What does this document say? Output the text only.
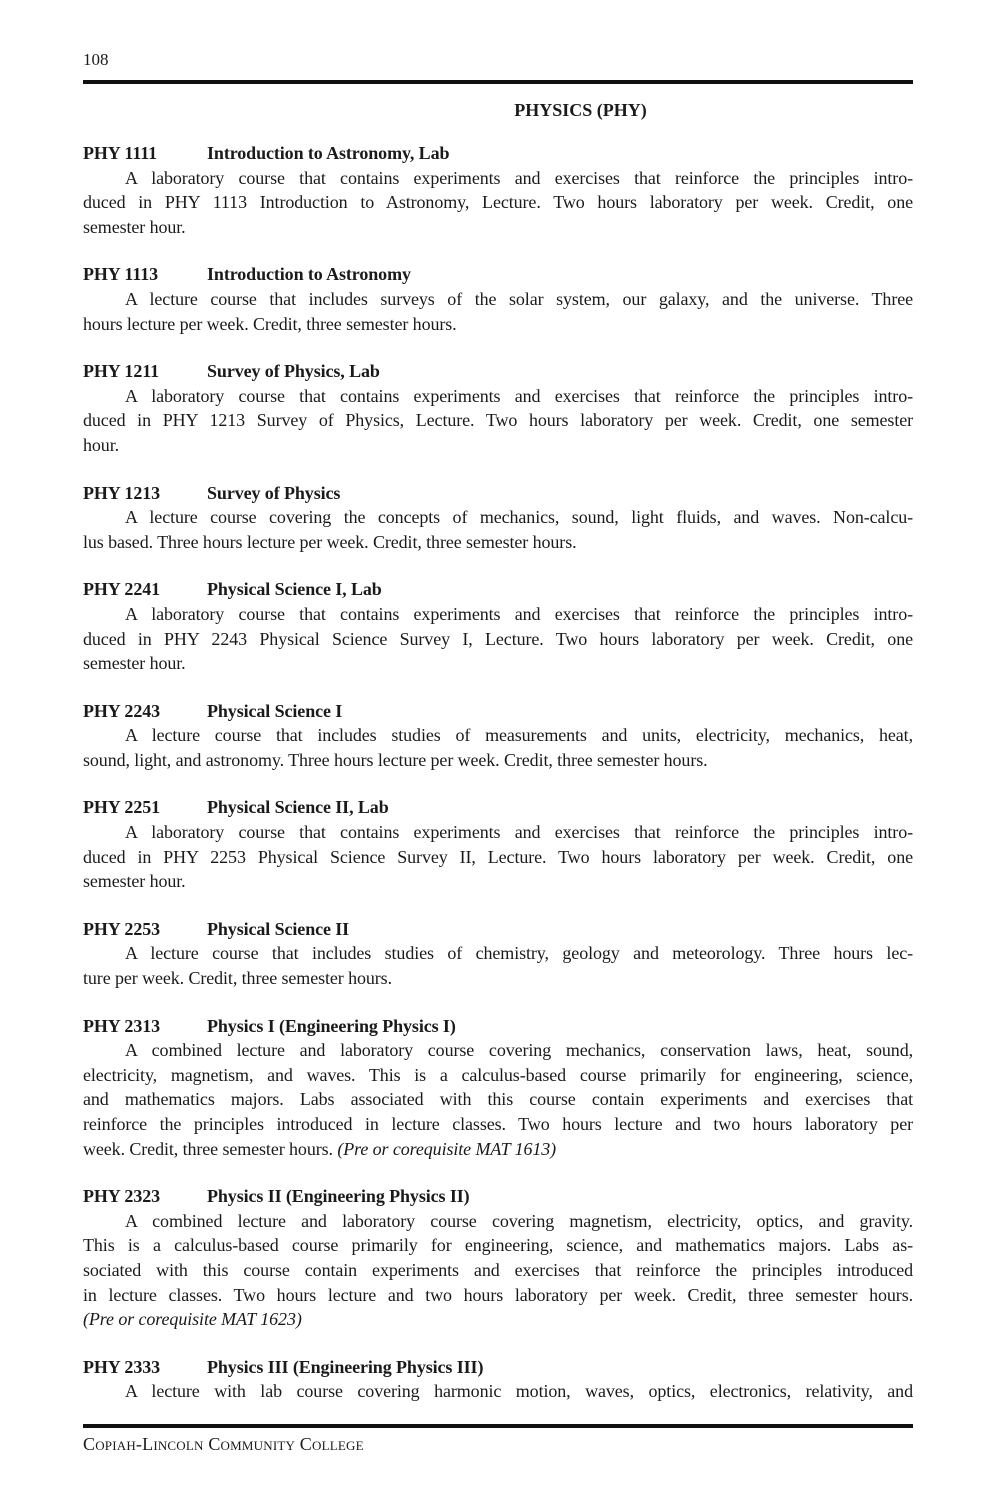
108
PHYSICS (PHY)
PHY 1111	Introduction to Astronomy, Lab
A laboratory course that contains experiments and exercises that reinforce the principles intro-
duced in PHY 1113 Introduction to Astronomy, Lecture. Two hours laboratory per week. Credit, one
semester hour.
PHY 1113	Introduction to Astronomy
A lecture course that includes surveys of the solar system, our galaxy, and the universe. Three
hours lecture per week. Credit, three semester hours.
PHY 1211	Survey of Physics, Lab
A laboratory course that contains experiments and exercises that reinforce the principles intro-
duced in PHY 1213 Survey of Physics, Lecture. Two hours laboratory per week. Credit, one semester
hour.
PHY 1213	Survey of Physics
A lecture course covering the concepts of mechanics, sound, light fluids, and waves. Non-calcu-
lus based. Three hours lecture per week. Credit, three semester hours.
PHY 2241	Physical Science I, Lab
A laboratory course that contains experiments and exercises that reinforce the principles intro-
duced in PHY 2243 Physical Science Survey I, Lecture. Two hours laboratory per week. Credit, one
semester hour.
PHY 2243	Physical Science I
A lecture course that includes studies of measurements and units, electricity, mechanics, heat,
sound, light, and astronomy. Three hours lecture per week. Credit, three semester hours.
PHY 2251	Physical Science II, Lab
A laboratory course that contains experiments and exercises that reinforce the principles intro-
duced in PHY 2253 Physical Science Survey II, Lecture. Two hours laboratory per week. Credit, one
semester hour.
PHY 2253	Physical Science II
A lecture course that includes studies of chemistry, geology and meteorology. Three hours lec-
ture per week. Credit, three semester hours.
PHY 2313	Physics I (Engineering Physics I)
A combined lecture and laboratory course covering mechanics, conservation laws, heat, sound,
electricity, magnetism, and waves. This is a calculus-based course primarily for engineering, science,
and mathematics majors. Labs associated with this course contain experiments and exercises that
reinforce the principles introduced in lecture classes. Two hours lecture and two hours laboratory per
week. Credit, three semester hours. (Pre or corequisite MAT 1613)
PHY 2323	Physics II (Engineering Physics II)
A combined lecture and laboratory course covering magnetism, electricity, optics, and gravity.
This is a calculus-based course primarily for engineering, science, and mathematics majors. Labs as-
sociated with this course contain experiments and exercises that reinforce the principles introduced
in lecture classes. Two hours lecture and two hours laboratory per week. Credit, three semester hours.
(Pre or corequisite MAT 1623)
PHY 2333	Physics III (Engineering Physics III)
A lecture with lab course covering harmonic motion, waves, optics, electronics, relativity, and
Copiah-Lincoln Community College
